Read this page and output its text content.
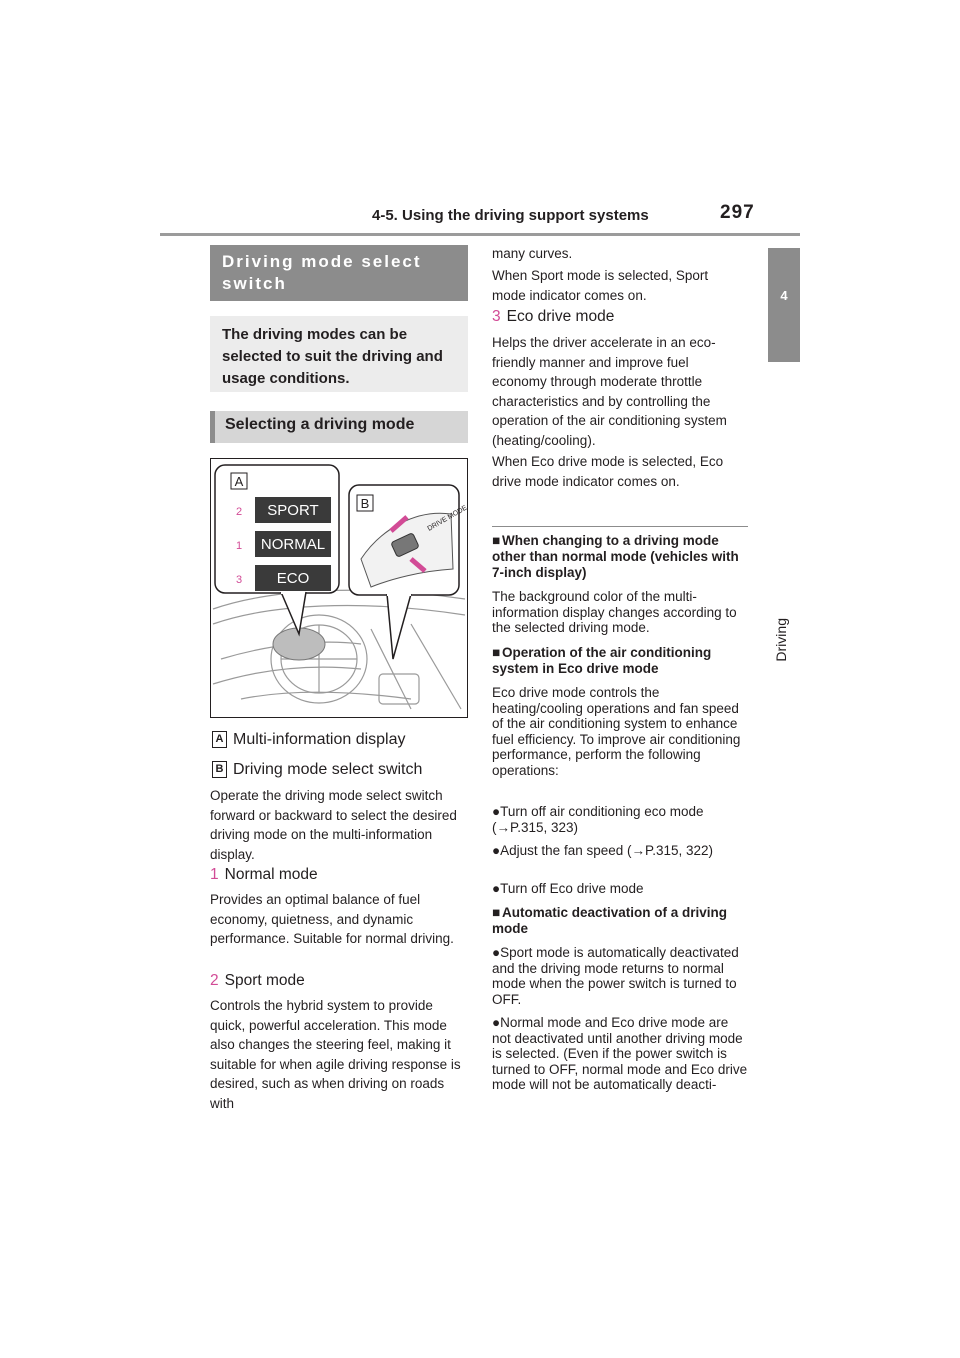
4-5. Using the driving support systems	297
4
Driving
Driving mode select switch
The driving modes can be selected to suit the driving and usage conditions.
Selecting a driving mode
A
2
1
3
SPORT
NORMAL
ECO
B
DRIVE MODE
A Multi-information display
B Driving mode select switch
Operate the driving mode select switch forward or backward to select the desired driving mode on the multi-information display.
1 Normal mode
Provides an optimal balance of fuel economy, quietness, and dynamic performance. Suitable for normal driving.
2 Sport mode
Controls the hybrid system to provide quick, powerful acceleration. This mode also changes the steering feel, making it suitable for when agile driving response is desired, such as when driving on roads with
many curves.
When Sport mode is selected, Sport mode indicator comes on.
3 Eco drive mode
Helps the driver accelerate in an eco-friendly manner and improve fuel economy through moderate throttle characteristics and by controlling the operation of the air conditioning system (heating/cooling).
When Eco drive mode is selected, Eco drive mode indicator comes on.
■ When changing to a driving mode other than normal mode (vehicles with 7-inch display)
The background color of the multi-information display changes according to the selected driving mode.
■ Operation of the air conditioning system in Eco drive mode
Eco drive mode controls the heating/cooling operations and fan speed of the air conditioning system to enhance fuel efficiency. To improve air conditioning performance, perform the following operations:
●Turn off air conditioning eco mode (→P.315, 323)
●Adjust the fan speed (→P.315, 322)
●Turn off Eco drive mode
■ Automatic deactivation of a driving mode
●Sport mode is automatically deactivated and the driving mode returns to normal mode when the power switch is turned to OFF.
●Normal mode and Eco drive mode are not deactivated until another driving mode is selected. (Even if the power switch is turned to OFF, normal mode and Eco drive mode will not be automatically deacti-
